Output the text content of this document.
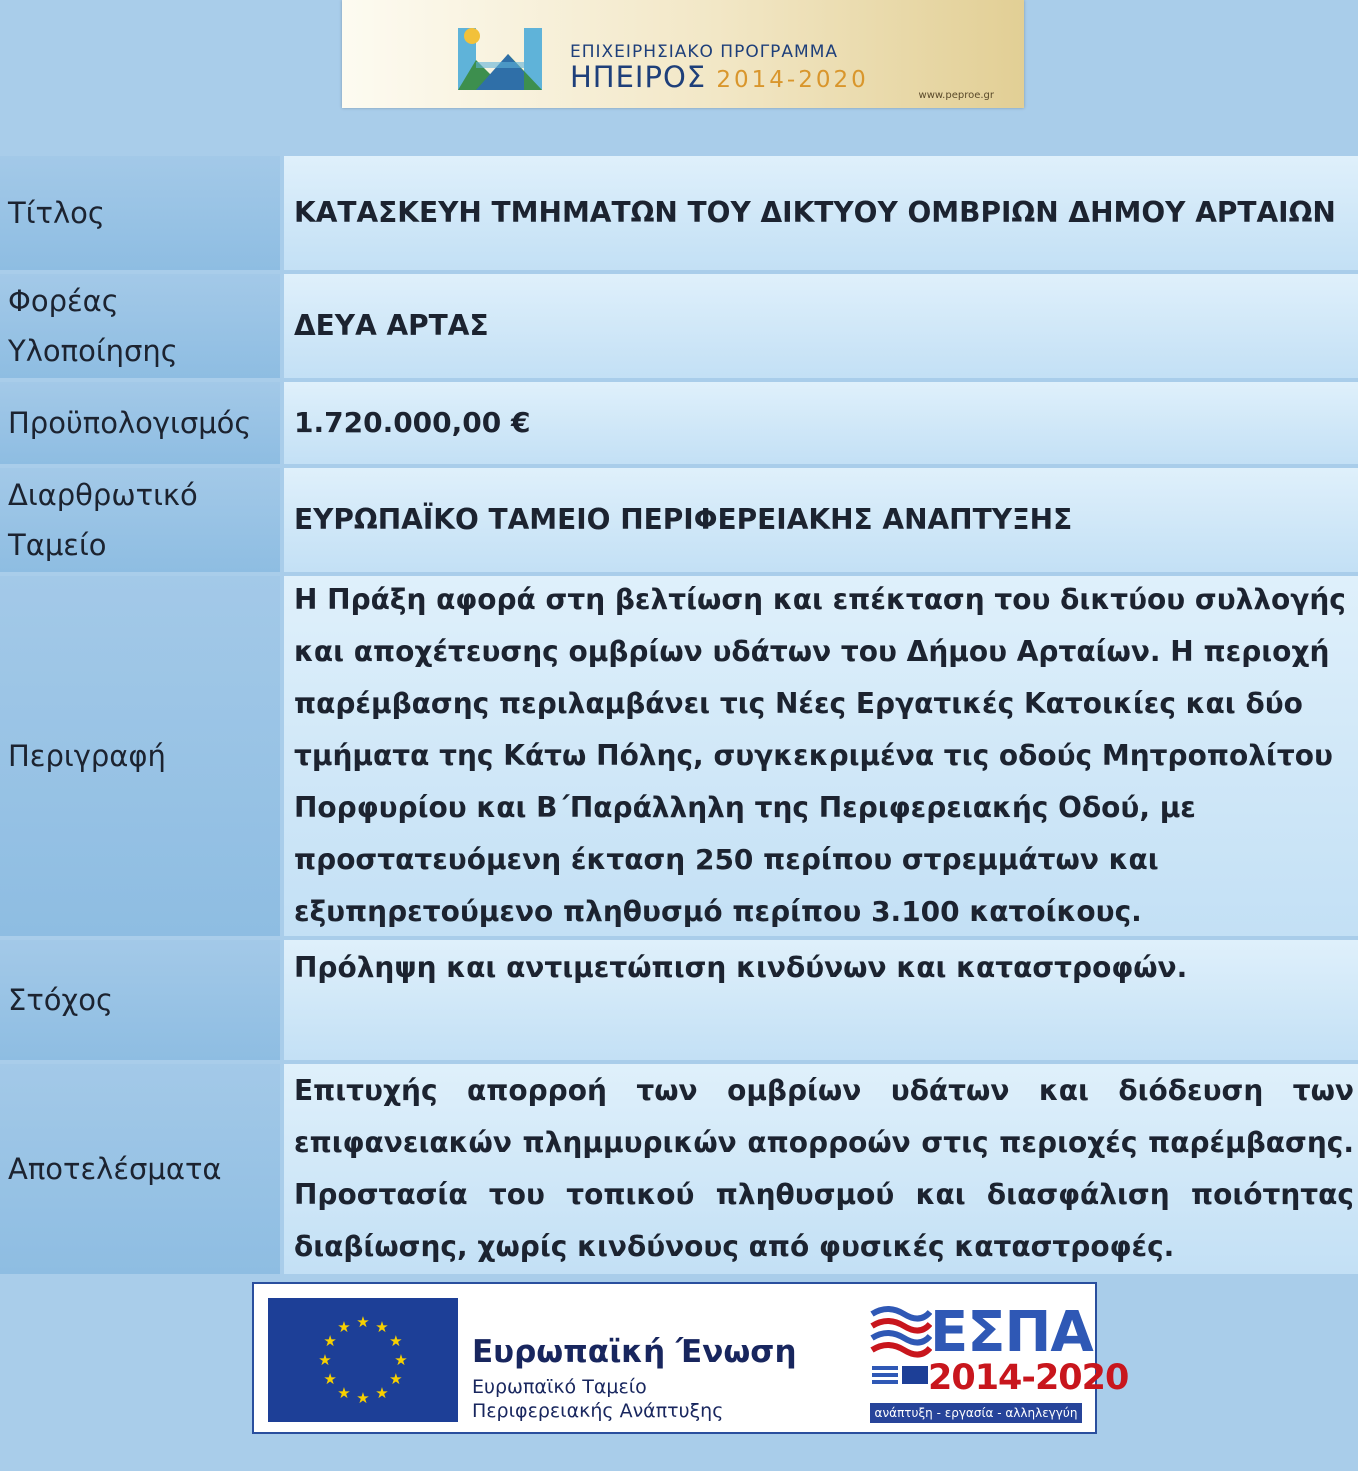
ΕΠΙΧΕΙΡΗΣΙΑΚΟ ΠΡΟΓΡΑΜΜΑ
ΗΠΕΙΡΟΣ 2014-2020
www.peproe.gr
Τίτλος	ΚΑΤΑΣΚΕΥΗ ΤΜΗΜΑΤΩΝ ΤΟΥ ΔΙΚΤΥΟΥ ΟΜΒΡΙΩΝ ΔΗΜΟΥ ΑΡΤΑΙΩΝ
Φορέας Υλοποίησης
ΔΕΥΑ ΑΡΤΑΣ
Προϋπολογισμός	1.720.000,00 €
Διαρθρωτικό Ταμείο
ΕΥΡΩΠΑΪΚΟ ΤΑΜΕΙΟ ΠΕΡΙΦΕΡΕΙΑΚΗΣ ΑΝΑΠΤΥΞΗΣ
Περιγραφή
Η Πράξη αφορά στη βελτίωση και επέκταση του δικτύου συλλογής και αποχέτευσης ομβρίων υδάτων του Δήμου Αρταίων. Η περιοχή παρέμβασης περιλαμβάνει τις Νέες Εργατικές Κατοικίες και δύο τμήματα της Κάτω Πόλης, συγκεκριμένα τις οδούς Μητροπολίτου Πορφυρίου και Β΄Παράλληλη της Περιφερειακής Οδού, με προστατευόμενη έκταση 250 περίπου στρεμμάτων και εξυπηρετούμενο πληθυσμό περίπου 3.100 κατοίκους.
Στόχος
Πρόληψη και αντιμετώπιση κινδύνων και καταστροφών.
Αποτελέσματα
Επιτυχής απορροή των ομβρίων υδάτων και διόδευση των επιφανειακών πλημμυρικών απορροών στις περιοχές παρέμβασης. Προστασία του τοπικού πληθυσμού και διασφάλιση ποιότητας διαβίωσης, χωρίς κινδύνους από φυσικές καταστροφές.
★ ★
★
★
★
★
★
★
★
★
★
★
Ευρωπαϊκή Ένωση
Ευρωπαϊκό Ταμείο
Περιφερειακής Ανάπτυξης
ΕΣΠΑ
2014-2020
ανάπτυξη - εργασία - αλληλεγγύη
